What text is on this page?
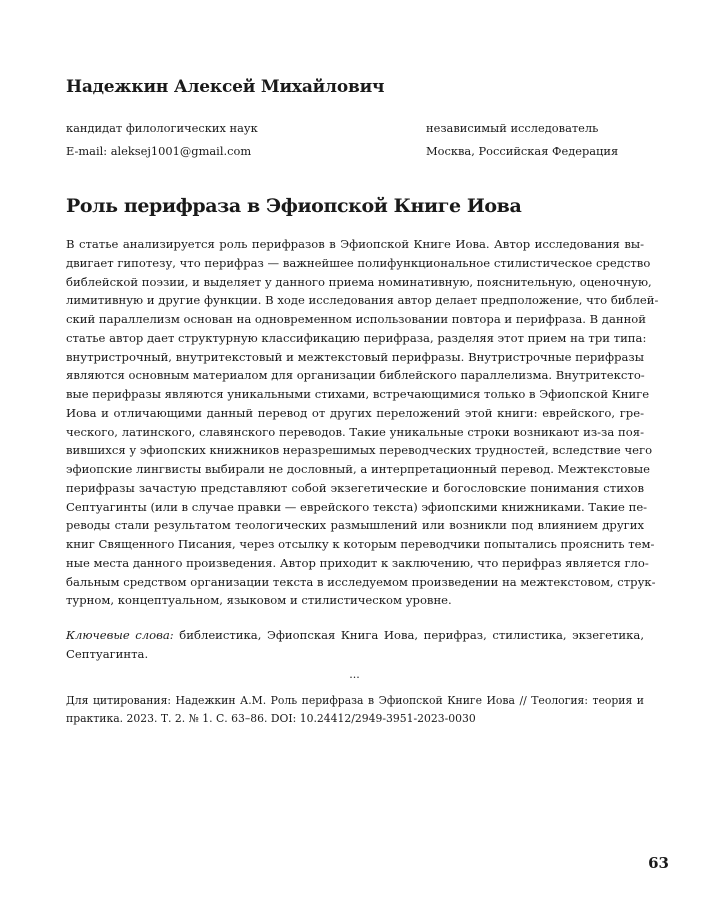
Надежкин Алексей Михайлович
кандидат филологических наук
E-mail: aleksej1001@gmail.com
независимый исследователь
Москва, Российская Федерация
Роль перифраза в Эфиопской Книге Иова
В статье анализируется роль перифразов в Эфиопской Книге Иова. Автор исследования вы-
двигает гипотезу, что перифраз — важнейшее полифункциональное стилистическое средство
библейской поэзии, и выделяет у данного приема номинативную, пояснительную, оценочную,
лимитивную и другие функции. В ходе исследования автор делает предположение, что библей-
ский параллелизм основан на одновременном использовании повтора и перифраза. В данной
статье автор дает структурную классификацию перифраза, разделяя этот прием на три типа:
внутристрочный, внутритекстовый и межтекстовый перифразы. Внутристрочные перифразы
являются основным материалом для организации библейского параллелизма. Внутритексто-
вые перифразы являются уникальными стихами, встречающимися только в Эфиопской Книге
Иова и отличающими данный перевод от других переложений этой книги: еврейского, гре-
ческого, латинского, славянского переводов. Такие уникальные строки возникают из-за поя-
вившихся у эфиопских книжников неразрешимых переводческих трудностей, вследствие чего
эфиопские лингвисты выбирали не дословный, а интерпретационный перевод. Межтекстовые
перифразы зачастую представляют собой экзегетические и богословские понимания стихов
Септуагинты (или в случае правки — еврейского текста) эфиопскими книжниками. Такие пе-
реводы стали результатом теологических размышлений или возникли под влиянием других
книг Священного Писания, через отсылку к которым переводчики попытались прояснить тем-
ные места данного произведения. Автор приходит к заключению, что перифраз является гло-
бальным средством организации текста в исследуемом произведении на межтекстовом, струк-
турном, концептуальном, языковом и стилистическом уровне.
Ключевые слова: библеистика, Эфиопская Книга Иова, перифраз, стилистика, экзегетика,
Септуагинта.
...
Для цитирования: Надежкин А.М. Роль перифраза в Эфиопской Книге Иова // Теология: теория и
практика. 2023. Т. 2. № 1. С. 63–86. DOI: 10.24412/2949-3951-2023-0030
63
